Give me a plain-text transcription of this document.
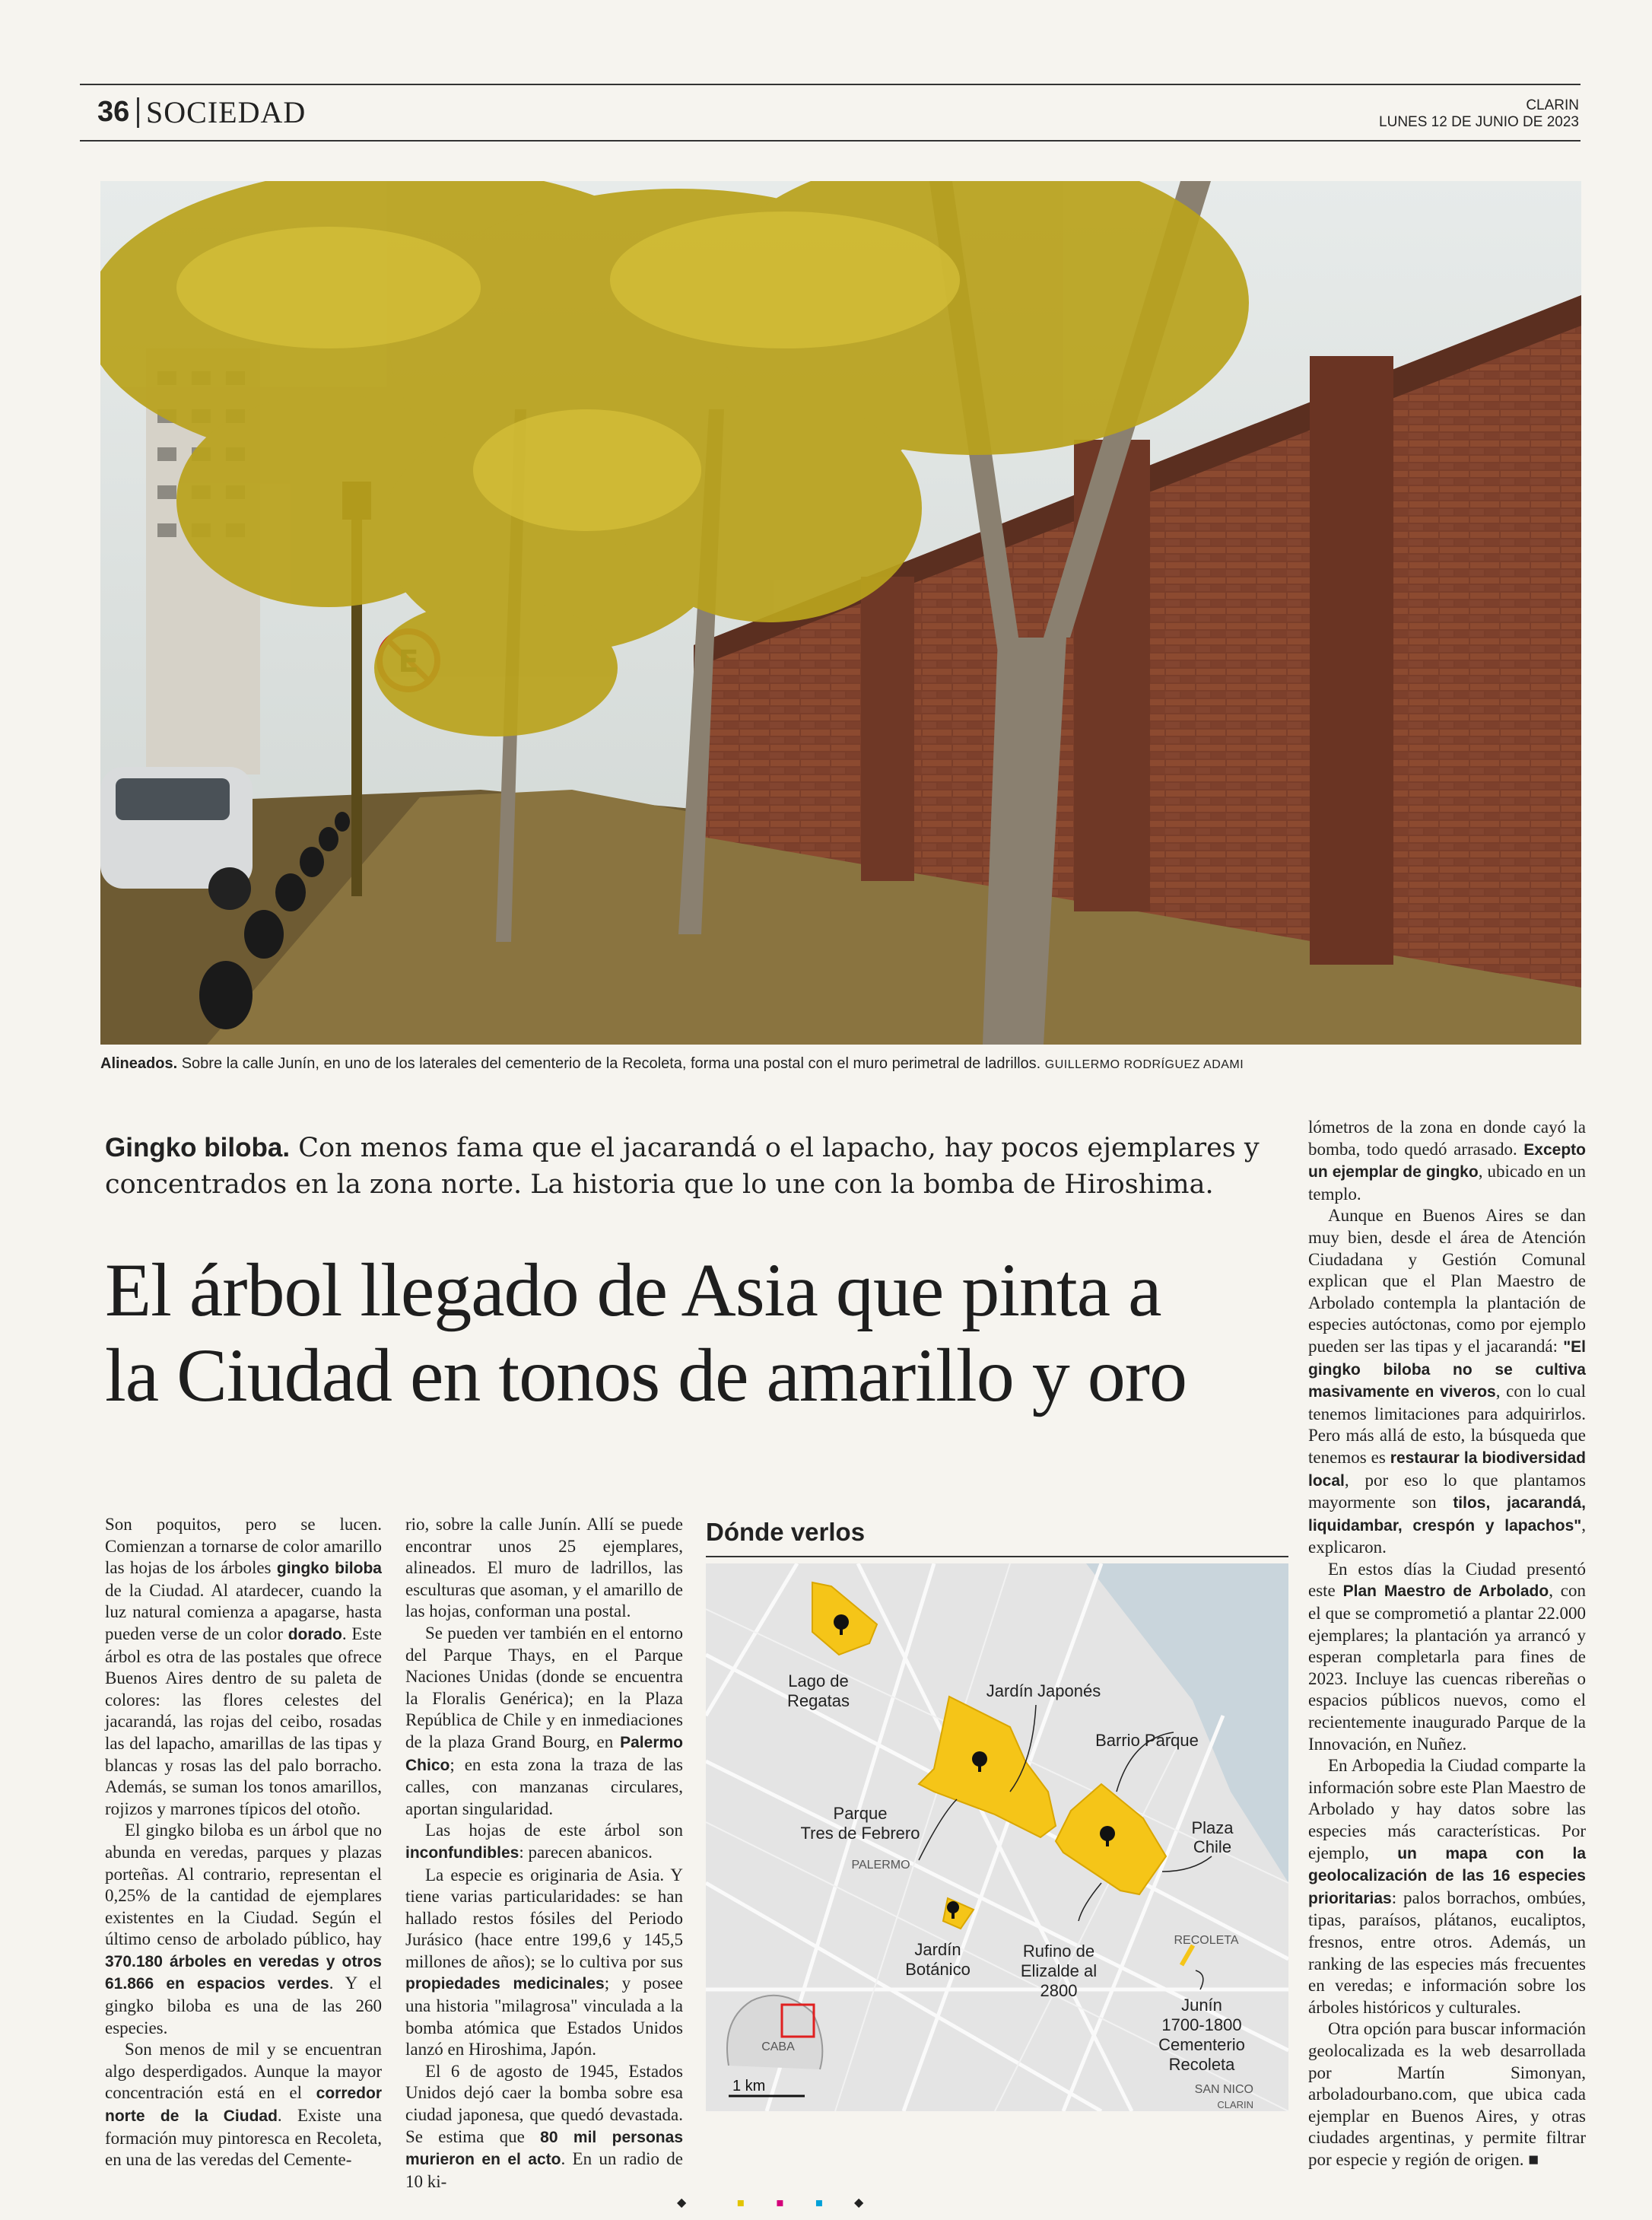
36 SOCIEDAD	CLARIN
LUNES 12 DE JUNIO DE 2023
Alineados. Sobre la calle Junín, en uno de los laterales del cementerio de la Recoleta, forma una postal con el muro perimetral de ladrillos. GUILLERMO RODRÍGUEZ ADAMI
Gingko biloba. Con menos fama que el jacarandá o el lapacho, hay pocos ejemplares y concentrados en la zona norte. La historia que lo une con la bomba de Hiroshima.
El árbol llegado de Asia que pinta a
la Ciudad en tonos de amarillo y oro

Son poquitos, pero se lucen. Comienzan a tornarse de color amarillo las hojas de los árboles gingko biloba de la Ciudad. Al atardecer, cuando la luz natural comienza a apagarse, hasta pueden verse de un color dorado. Este árbol es otra de las postales que ofrece Buenos Aires dentro de su paleta de colores: las flores celestes del jacarandá, las rojas del ceibo, rosadas las del lapacho, amarillas de las tipas y blancas y rosas las del palo borracho. Además, se suman los tonos amarillos, rojizos y marrones típicos del otoño.

El gingko biloba es un árbol que no abunda en veredas, parques y plazas porteñas. Al contrario, representan el 0,25% de la cantidad de ejemplares existentes en la Ciudad. Según el último censo de arbolado público, hay 370.180 árboles en veredas y otros 61.866 en espacios verdes. Y el gingko biloba es una de las 260 especies.

Son menos de mil y se encuentran algo desperdigados. Aunque la mayor concentración está en el corredor norte de la Ciudad. Existe una formación muy pintoresca en Recoleta, en una de las veredas del Cemente-

rio, sobre la calle Junín. Allí se puede encontrar unos 25 ejemplares, alineados. El muro de ladrillos, las esculturas que asoman, y el amarillo de las hojas, conforman una postal.

Se pueden ver también en el entorno del Parque Thays, en el Parque Naciones Unidas (donde se encuentra la Floralis Genérica); en la Plaza República de Chile y en inmediaciones de la plaza Grand Bourg, en Palermo Chico; en esta zona la traza de las calles, con manzanas circulares, aportan singularidad.

Las hojas de este árbol son inconfundibles: parecen abanicos.

La especie es originaria de Asia. Y tiene varias particularidades: se han hallado restos fósiles del Periodo Jurásico (hace entre 199,6 y 145,5 millones de años); se lo cultiva por sus propiedades medicinales; y posee una historia "milagrosa" vinculada a la bomba atómica que Estados Unidos lanzó en Hiroshima, Japón.

El 6 de agosto de 1945, Estados Unidos dejó caer la bomba sobre esa ciudad japonesa, que quedó devastada. Se estima que 80 mil personas murieron en el acto. En un radio de 10 ki-

lómetros de la zona en donde cayó la bomba, todo quedó arrasado. Excepto un ejemplar de gingko, ubicado en un templo.

Aunque en Buenos Aires se dan muy bien, desde el área de Atención Ciudadana y Gestión Comunal explican que el Plan Maestro de Arbolado contempla la plantación de especies autóctonas, como por ejemplo pueden ser las tipas y el jacarandá: "El gingko biloba no se cultiva masivamente en viveros, con lo cual tenemos limitaciones para adquirirlos. Pero más allá de esto, la búsqueda que tenemos es restaurar la biodiversidad local, por eso lo que plantamos mayormente son tilos, jacarandá, liquidambar, crespón y lapachos", explicaron.

En estos días la Ciudad presentó este Plan Maestro de Arbolado, con el que se comprometió a plantar 22.000 ejemplares; la plantación ya arrancó y esperan completarla para fines de 2023. Incluye las cuencas ribereñas o espacios públicos nuevos, como el recientemente inaugurado Parque de la Innovación, en Nuñez.

En Arbopedia la Ciudad comparte la información sobre este Plan Maestro de Arbolado y hay datos sobre las especies más características. Por ejemplo, un mapa con la geolocalización de las 16 especies prioritarias: palos borrachos, ombúes, tipas, paraísos, plátanos, eucaliptos, fresnos, entre otros. Además, un ranking de las especies más frecuentes en veredas; e información sobre los árboles históricos y culturales.

Otra opción para buscar información geolocalizada es la web desarrollada por Martín Simonyan, arboladourbano.com, que ubica cada ejemplar en Buenos Aires, y otras ciudades argentinas, y permite filtrar por especie y región de origen. ■

Dónde verlos
Lago de
Regatas
Jardín Japonés
Barrio Parque
Plaza
Chile
Parque
Tres de Febrero
PALERMO
Jardín
Botánico
Rufino de
Elizalde al
2800
RECOLETA
Junín
1700-1800
Cementerio
Recoleta
CABA
1 km	SAN NICO
CLARIN
◆             ▪	▪	▪        ◆
